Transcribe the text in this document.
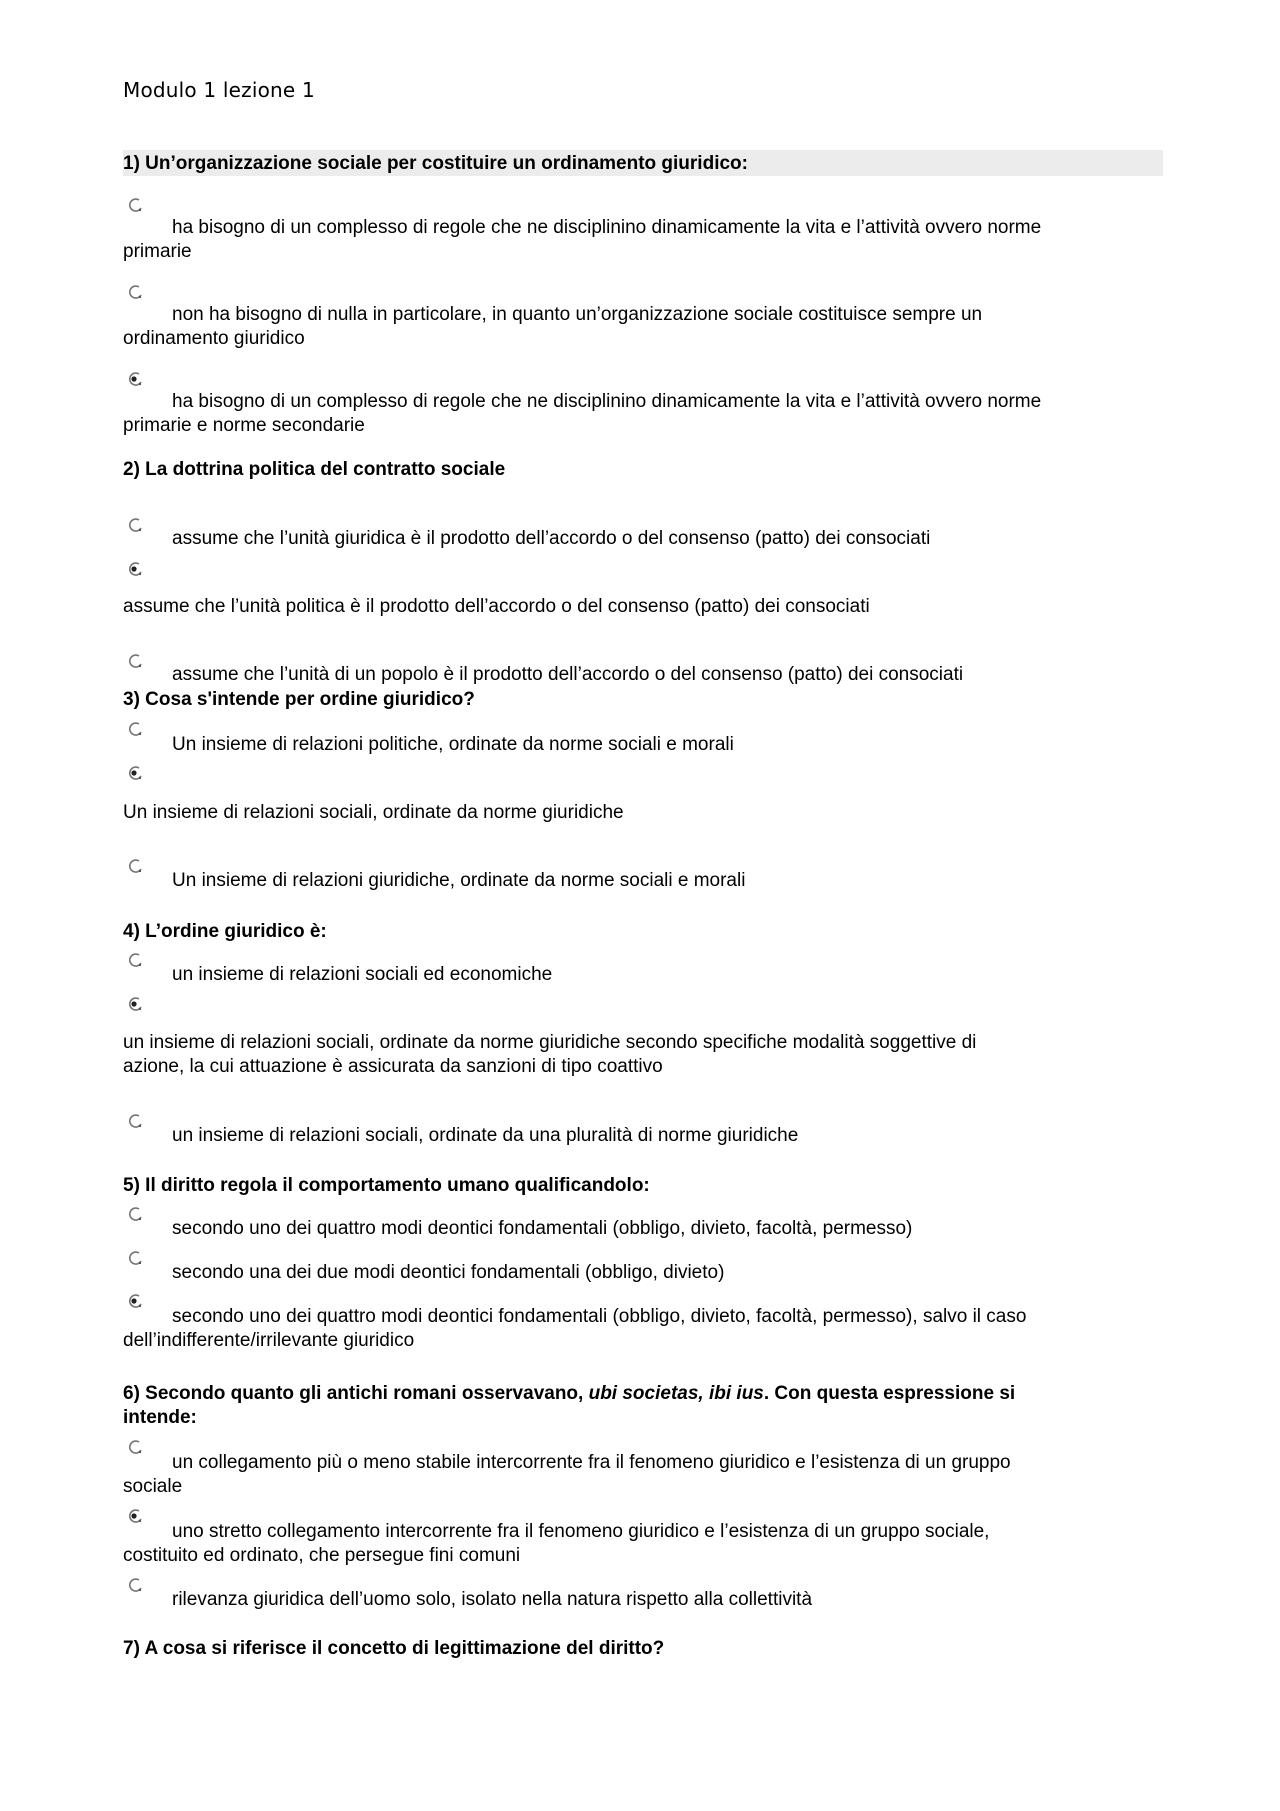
Modulo 1 lezione 1
1) Un’organizzazione sociale per costituire un ordinamento giuridico:
ha bisogno di un complesso di regole che ne disciplinino dinamicamente la vita e l’attività ovvero norme
primarie
non ha bisogno di nulla in particolare, in quanto un’organizzazione sociale costituisce sempre un
ordinamento giuridico
ha bisogno di un complesso di regole che ne disciplinino dinamicamente la vita e l’attività ovvero norme
primarie e norme secondarie
2) La dottrina politica del contratto sociale
assume che l’unità giuridica è il prodotto dell’accordo o del consenso (patto) dei consociati
assume che l’unità politica è il prodotto dell’accordo o del consenso (patto) dei consociati
assume che l’unità di un popolo è il prodotto dell’accordo o del consenso (patto) dei consociati
3) Cosa s'intende per ordine giuridico?
Un insieme di relazioni politiche, ordinate da norme sociali e morali
Un insieme di relazioni sociali, ordinate da norme giuridiche
Un insieme di relazioni giuridiche, ordinate da norme sociali e morali
4) L’ordine giuridico è:
un insieme di relazioni sociali ed economiche
un insieme di relazioni sociali, ordinate da norme giuridiche secondo specifiche modalità soggettive di
azione, la cui attuazione è assicurata da sanzioni di tipo coattivo
un insieme di relazioni sociali, ordinate da una pluralità di norme giuridiche
5) Il diritto regola il comportamento umano qualificandolo:
secondo uno dei quattro modi deontici fondamentali (obbligo, divieto, facoltà, permesso)
secondo una dei due modi deontici fondamentali (obbligo, divieto)
secondo uno dei quattro modi deontici fondamentali (obbligo, divieto, facoltà, permesso), salvo il caso
dell’indifferente/irrilevante giuridico
6) Secondo quanto gli antichi romani osservavano, ubi societas, ibi ius. Con questa espressione si
intende:
un collegamento più o meno stabile intercorrente fra il fenomeno giuridico e l’esistenza di un gruppo
sociale
uno stretto collegamento intercorrente fra il fenomeno giuridico e l’esistenza di un gruppo sociale,
costituito ed ordinato, che persegue fini comuni
rilevanza giuridica dell’uomo solo, isolato nella natura rispetto alla collettività
7) A cosa si riferisce il concetto di legittimazione del diritto?
